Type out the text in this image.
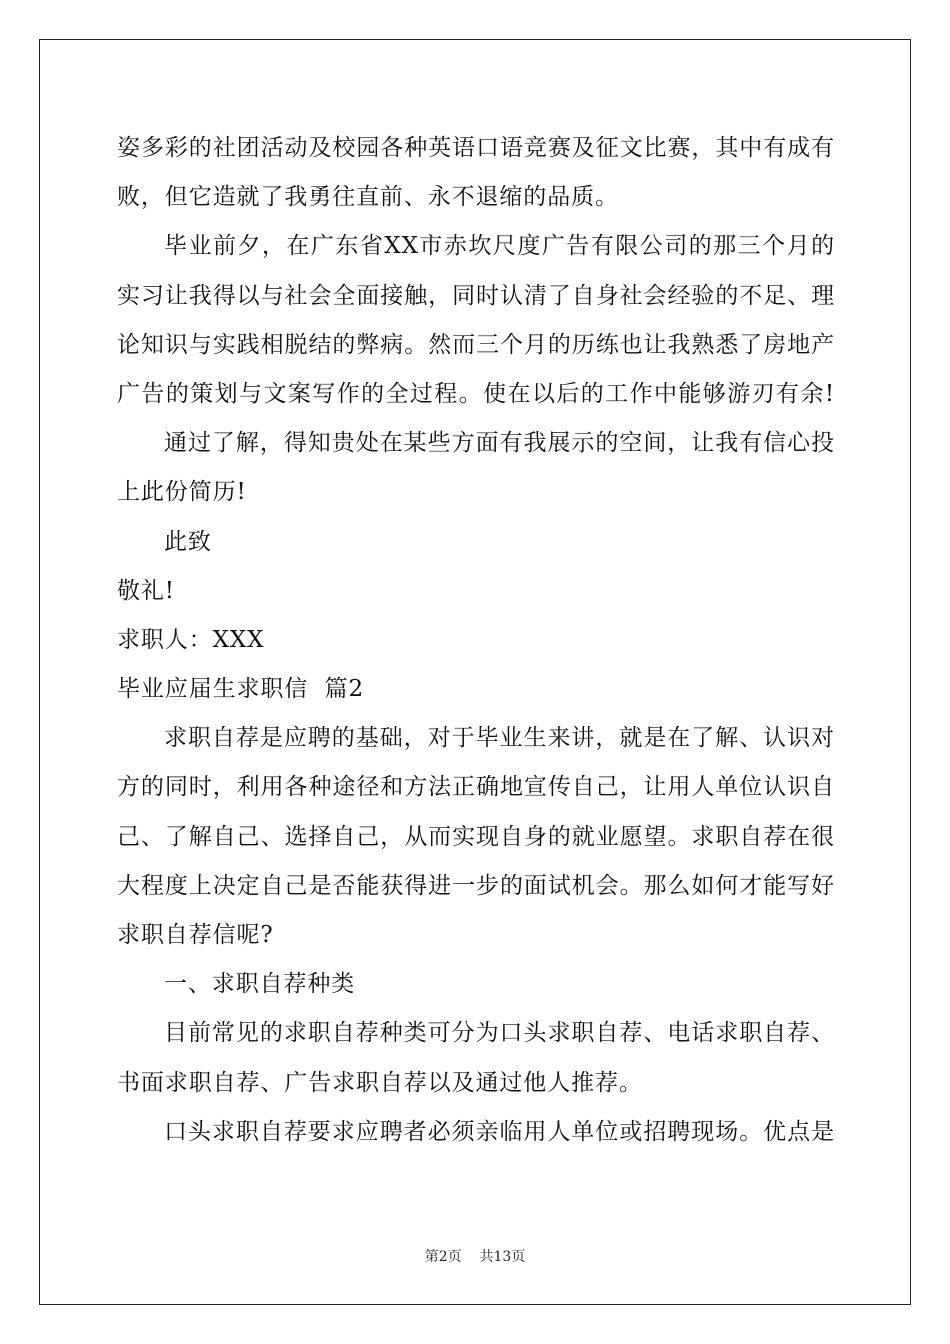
姿多彩的社团活动及校园各种英语口语竞赛及征文比赛，其中有成有
败，但它造就了我勇往直前、永不退缩的品质。
毕业前夕，在广东省XX市赤坎尺度广告有限公司的那三个月的
实习让我得以与社会全面接触，同时认清了自身社会经验的不足、理
论知识与实践相脱结的弊病。然而三个月的历练也让我熟悉了房地产
广告的策划与文案写作的全过程。使在以后的工作中能够游刃有余!
通过了解，得知贵处在某些方面有我展示的空间，让我有信心投
上此份简历!
此致
敬礼!
求职人：XXX
毕业应届生求职信  篇2
求职自荐是应聘的基础，对于毕业生来讲，就是在了解、认识对
方的同时，利用各种途径和方法正确地宣传自己，让用人单位认识自
己、了解自己、选择自己，从而实现自身的就业愿望。求职自荐在很
大程度上决定自己是否能获得进一步的面试机会。那么如何才能写好
求职自荐信呢?
一、求职自荐种类
目前常见的求职自荐种类可分为口头求职自荐、电话求职自荐、
书面求职自荐、广告求职自荐以及通过他人推荐。
口头求职自荐要求应聘者必须亲临用人单位或招聘现场。优点是
第2页    共13页
